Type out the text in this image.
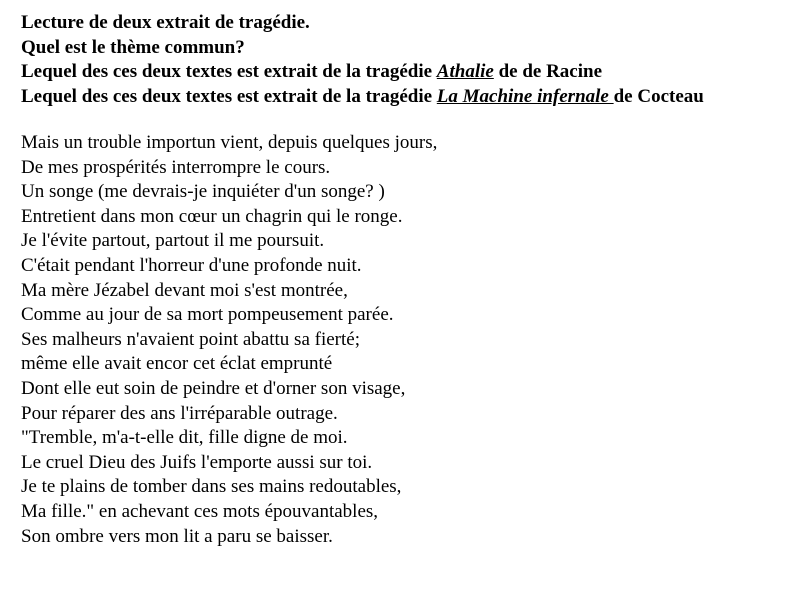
Lecture de deux extrait de tragédie.
Quel est le thème commun?
Lequel des ces deux textes est extrait de la tragédie Athalie de de Racine
Lequel des ces deux textes est extrait de la tragédie La Machine infernale de Cocteau
Mais un trouble importun vient, depuis quelques jours,
De mes prospérités interrompre le cours.
Un songe (me devrais-je inquiéter d'un songe? )
Entretient dans mon cœur un chagrin qui le ronge.
Je l'évite partout, partout il me poursuit.
C'était pendant l'horreur d'une profonde nuit.
Ma mère Jézabel devant moi s'est montrée,
Comme au jour de sa mort pompeusement parée.
Ses malheurs n'avaient point abattu sa fierté;
même elle avait encor cet éclat emprunté
Dont elle eut soin de peindre et d'orner son visage,
Pour réparer des ans l'irréparable outrage.
"Tremble, m'a-t-elle dit, fille digne de moi.
Le cruel Dieu des Juifs l'emporte aussi sur toi.
Je te plains de tomber dans ses mains redoutables,
Ma fille." en achevant ces mots épouvantables,
Son ombre vers mon lit a paru se baisser.
